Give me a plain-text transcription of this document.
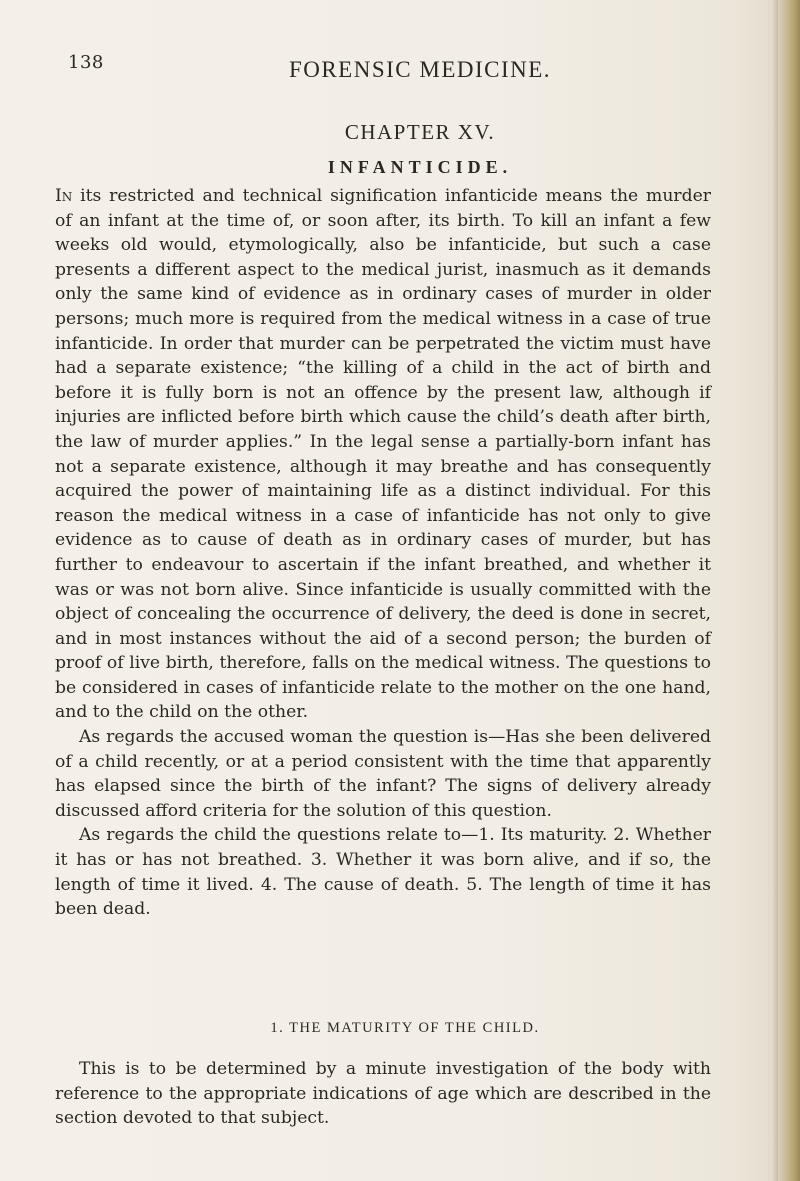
138	FORENSIC MEDICINE.
CHAPTER XV.
INFANTICIDE.

In its restricted and technical signification infanticide means the murder of an infant at the time of, or soon after, its birth. To kill an infant a few weeks old would, etymologically, also be infanticide, but such a case presents a different aspect to the medical jurist, inasmuch as it demands only the same kind of evidence as in ordinary cases of murder in older persons; much more is required from the medical witness in a case of true infanticide. In order that murder can be perpetrated the victim must have had a separate existence; “the killing of a child in the act of birth and before it is fully born is not an offence by the present law, although if injuries are inflicted before birth which cause the child’s death after birth, the law of murder applies.” In the legal sense a partially-born infant has not a separate existence, although it may breathe and has consequently acquired the power of maintaining life as a distinct individual. For this reason the medical witness in a case of infanticide has not only to give evidence as to cause of death as in ordinary cases of murder, but has further to endeavour to ascertain if the infant breathed, and whether it was or was not born alive. Since infanticide is usually committed with the object of concealing the occurrence of delivery, the deed is done in secret, and in most instances without the aid of a second person; the burden of proof of live birth, therefore, falls on the medical witness. The questions to be considered in cases of infanticide relate to the mother on the one hand, and to the child on the other.

As regards the accused woman the question is—Has she been delivered of a child recently, or at a period consistent with the time that apparently has elapsed since the birth of the infant? The signs of delivery already discussed afford criteria for the solution of this question.

As regards the child the questions relate to—1. Its maturity. 2. Whether it has or has not breathed. 3. Whether it was born alive, and if so, the length of time it lived. 4. The cause of death. 5. The length of time it has been dead.

1. THE MATURITY OF THE CHILD.

This is to be determined by a minute investigation of the body with reference to the appropriate indications of age which are described in the section devoted to that subject.
